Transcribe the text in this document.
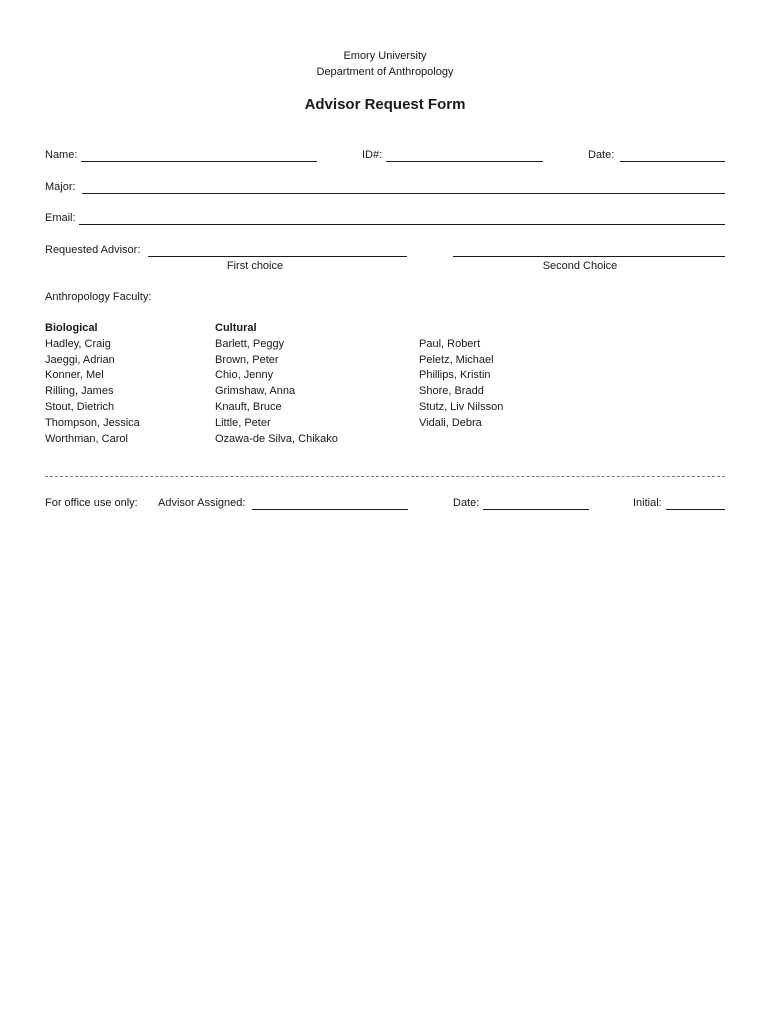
Emory University
Department of Anthropology
Advisor Request Form
Name:	ID#:	Date:
Major:
Email:
Requested Advisor:
First choice	Second Choice
Anthropology Faculty:
Biological
Hadley, Craig
Jaeggi, Adrian
Konner, Mel
Rilling, James
Stout, Dietrich
Thompson, Jessica
Worthman, Carol
Cultural
Barlett, Peggy
Brown, Peter
Chio, Jenny
Grimshaw, Anna
Knauft, Bruce
Little, Peter
Ozawa-de Silva, Chikako
Paul, Robert
Peletz, Michael
Phillips, Kristin
Shore, Bradd
Stutz, Liv Nilsson
Vidali, Debra
For office use only: Advisor Assigned:	Date:	Initial:
